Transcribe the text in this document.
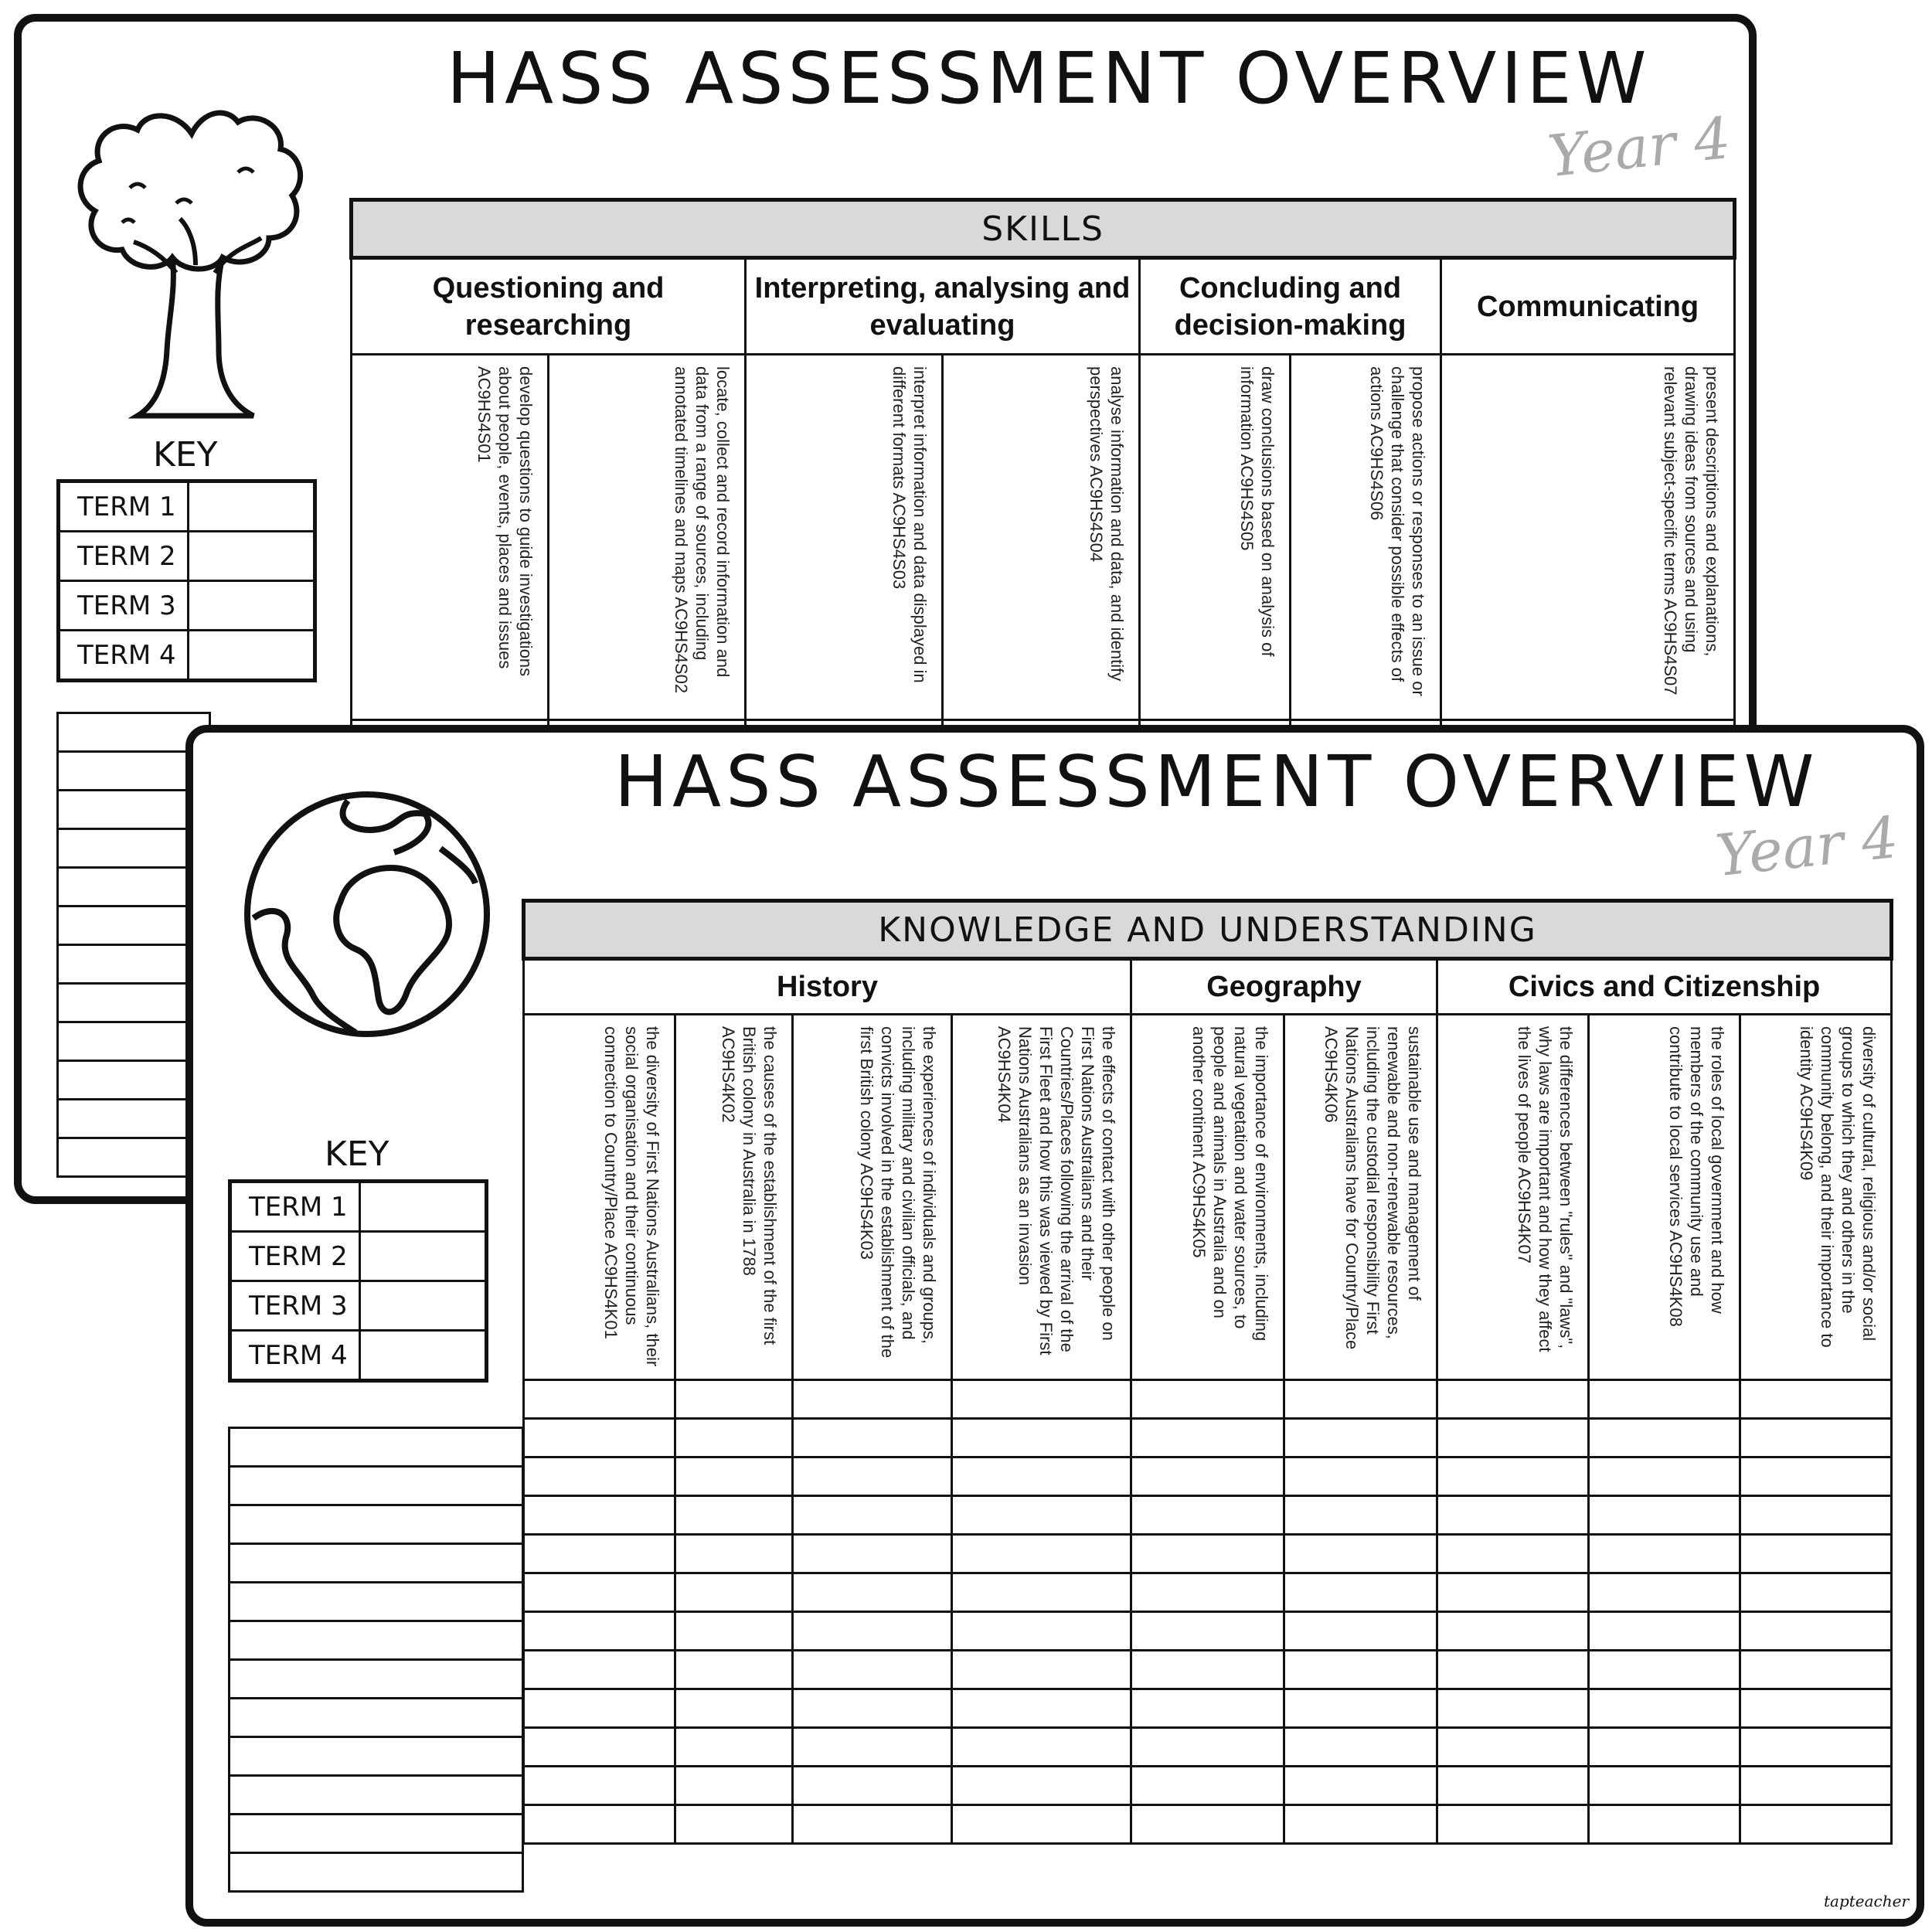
HASS ASSESSMENT OVERVIEW
Year 4
KEY
TERM 1	
TERM 2	
TERM 3	
TERM 4	

SKILLS						
Questioning and researching		Interpreting, analysing and evaluating		Concluding and decision-making		Communicating

develop questions to guide investigations about people, events, places and issues AC9HS4S01	locate, collect and record information and data from a range of sources, including annotated timelines and maps AC9HS4S02	interpret information and data displayed in different formats AC9HS4S03	analyse information and data, and identify perspectives AC9HS4S04	draw conclusions based on analysis of information AC9HS4S05	propose actions or responses to an issue or challenge that consider possible effects of actions AC9HS4S06	present descriptions and explanations, drawing ideas from sources and using relevant subject-specific terms AC9HS4S07

HASS ASSESSMENT OVERVIEW
Year 4
KEY
TERM 1	
TERM 2	
TERM 3	
TERM 4	
KNOWLEDGE AND UNDERSTANDING								
History				Geography		Civics and Citizenship		

the diversity of First Nations Australians, their social organisation and their continuous connection to Country/Place AC9HS4K01	the causes of the establishment of the first British colony in Australia in 1788 AC9HS4K02	the experiences of individuals and groups, including military and civilian officials, and convicts involved in the establishment of the first British colony AC9HS4K03	the effects of contact with other people on First Nations Australians and their Countries/Places following the arrival of the First Fleet and how this was viewed by First Nations Australians as an invasion AC9HS4K04	the importance of environments, including natural vegetation and water sources, to people and animals in Australia and on another continent AC9HS4K05	sustainable use and management of renewable and non-renewable resources, including the custodial responsibility First Nations Australians have for Country/Place AC9HS4K06	the differences between "rules" and "laws", why laws are important and how they affect the lives of people AC9HS4K07	the roles of local government and how members of the community use and contribute to local services AC9HS4K08	diversity of cultural, religious and/or social groups to which they and others in the community belong, and their importance to identity AC9HS4K09

tapteacher
